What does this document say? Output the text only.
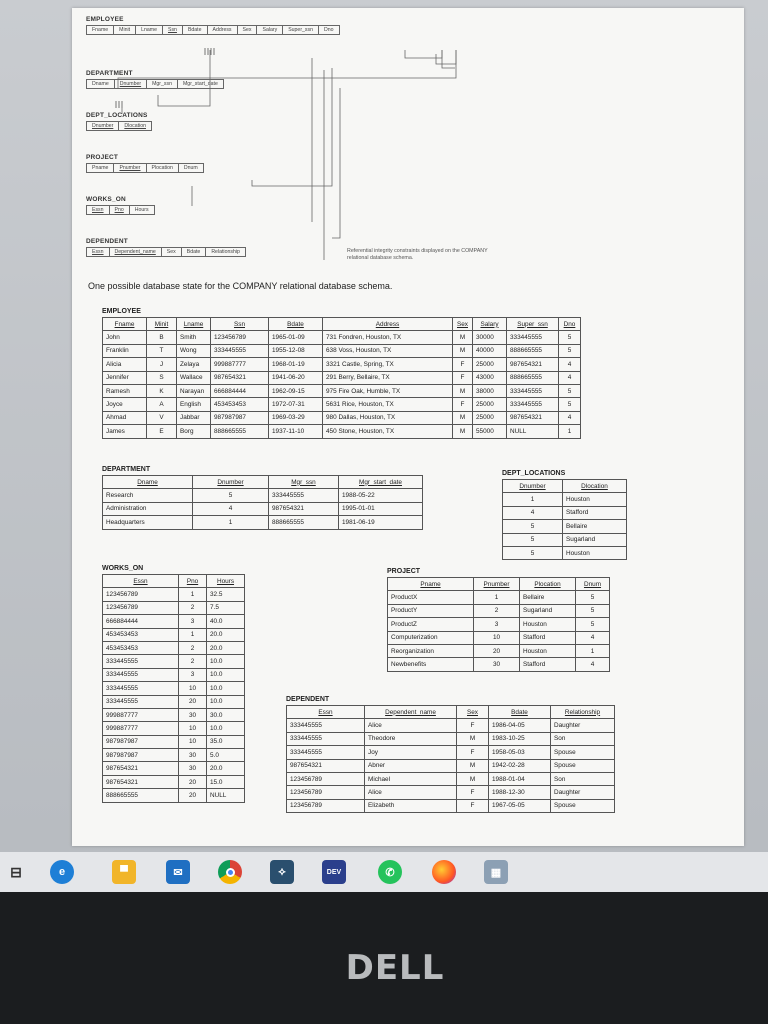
EMPLOYEE
Fname	Minit	Lname	Ssn	Bdate	Address	Sex	Salary	Super_ssn	Dno
DEPARTMENT
Dname	Dnumber	Mgr_ssn	Mgr_start_date
DEPT_LOCATIONS
Dnumber	Dlocation
PROJECT
Pname	Pnumber	Plocation	Dnum
WORKS_ON
Essn	Pno	Hours
DEPENDENT
Essn	Dependent_name	Sex	Bdate	Relationship	Referential integrity constraints displayed on the COMPANY relational database schema.
One possible database state for the COMPANY relational database schema.
EMPLOYEE
Fname	Minit	Lname	Ssn	Bdate	Address	Sex	Salary	Super_ssn	Dno
John	B	Smith	123456789	1965-01-09	731 Fondren, Houston, TX	M	30000	333445555	5
Franklin	T	Wong	333445555	1955-12-08	638 Voss, Houston, TX	M	40000	888665555	5
Alicia	J	Zelaya	999887777	1968-01-19	3321 Castle, Spring, TX	F	25000	987654321	4
Jennifer	S	Wallace	987654321	1941-06-20	291 Berry, Bellaire, TX	F	43000	888665555	4
Ramesh	K	Narayan	666884444	1962-09-15	975 Fire Oak, Humble, TX	M	38000	333445555	5
Joyce	A	English	453453453	1972-07-31	5631 Rice, Houston, TX	F	25000	333445555	5
Ahmad	V	Jabbar	987987987	1969-03-29	980 Dallas, Houston, TX	M	25000	987654321	4
James	E	Borg	888665555	1937-11-10	450 Stone, Houston, TX	M	55000	NULL	1
DEPARTMENT
Dname	Dnumber	Mgr_ssn	Mgr_start_date
Research	5	333445555	1988-05-22
Administration	4	987654321	1995-01-01
Headquarters	1	888665555	1981-06-19
DEPT_LOCATIONS
Dnumber	Dlocation
1	Houston
4	Stafford
5	Bellaire
5	Sugarland
5	Houston
WORKS_ON
Essn	Pno	Hours
123456789	1	32.5
123456789	2	7.5
666884444	3	40.0
453453453	1	20.0
453453453	2	20.0
333445555	2	10.0
333445555	3	10.0
333445555	10	10.0
333445555	20	10.0
999887777	30	30.0
999887777	10	10.0
987987987	10	35.0
987987987	30	5.0
987654321	30	20.0
987654321	20	15.0
888665555	20	NULL
PROJECT
Pname	Pnumber	Plocation	Dnum
ProductX	1	Bellaire	5
ProductY	2	Sugarland	5
ProductZ	3	Houston	5
Computerization	10	Stafford	4
Reorganization	20	Houston	1
Newbenefits	30	Stafford	4
DEPENDENT
Essn	Dependent_name	Sex	Bdate	Relationship
333445555	Alice	F	1986-04-05	Daughter
333445555	Theodore	M	1983-10-25	Son
333445555	Joy	F	1958-05-03	Spouse
987654321	Abner	M	1942-02-28	Spouse
123456789	Michael	M	1988-01-04	Son
123456789	Alice	F	1988-12-30	Daughter
123456789	Elizabeth	F	1967-05-05	Spouse
⊟	e	▀	✉	⟡	DEV	✆	▦
DELL
